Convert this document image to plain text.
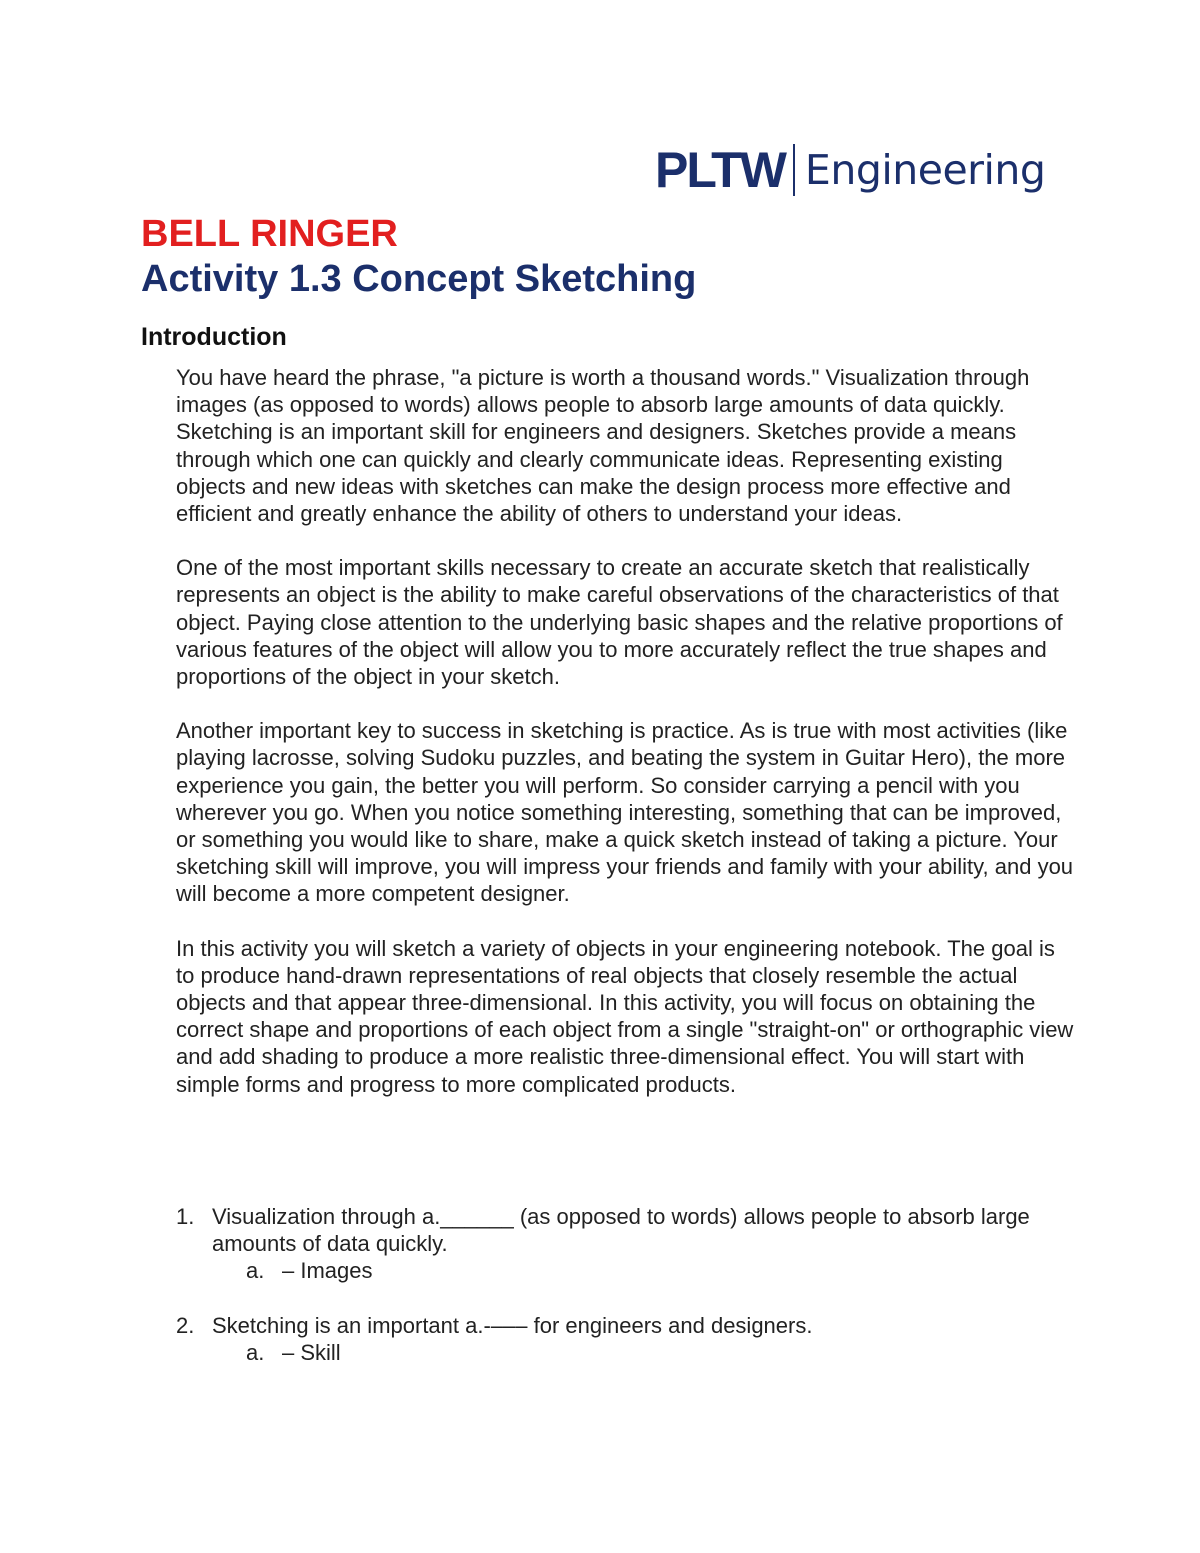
PLTW Engineering
BELL RINGER
Activity 1.3 Concept Sketching
Introduction

You have heard the phrase, "a picture is worth a thousand words." Visualization through images (as opposed to words) allows people to absorb large amounts of data quickly. Sketching is an important skill for engineers and designers. Sketches provide a means through which one can quickly and clearly communicate ideas. Representing existing objects and new ideas with sketches can make the design process more effective and efficient and greatly enhance the ability of others to understand your ideas.

One of the most important skills necessary to create an accurate sketch that realistically represents an object is the ability to make careful observations of the characteristics of that object. Paying close attention to the underlying basic shapes and the relative proportions of various features of the object will allow you to more accurately reflect the true shapes and proportions of the object in your sketch.

Another important key to success in sketching is practice. As is true with most activities (like playing lacrosse, solving Sudoku puzzles, and beating the system in Guitar Hero), the more experience you gain, the better you will perform. So consider carrying a pencil with you wherever you go. When you notice something interesting, something that can be improved, or something you would like to share, make a quick sketch instead of taking a picture. Your sketching skill will improve, you will impress your friends and family with your ability, and you will become a more competent designer.

In this activity you will sketch a variety of objects in your engineering notebook. The goal is to produce hand-drawn representations of real objects that closely resemble the actual objects and that appear three-dimensional. In this activity, you will focus on obtaining the correct shape and proportions of each object from a single "straight-on" or orthographic view and add shading to produce a more realistic three-dimensional effect. You will start with simple forms and progress to more complicated products.

1. Visualization through a.______ (as opposed to words) allows people to absorb large amounts of data quickly.
a. – Images
2. Sketching is an important a.-––– for engineers and designers.
a. – Skill
